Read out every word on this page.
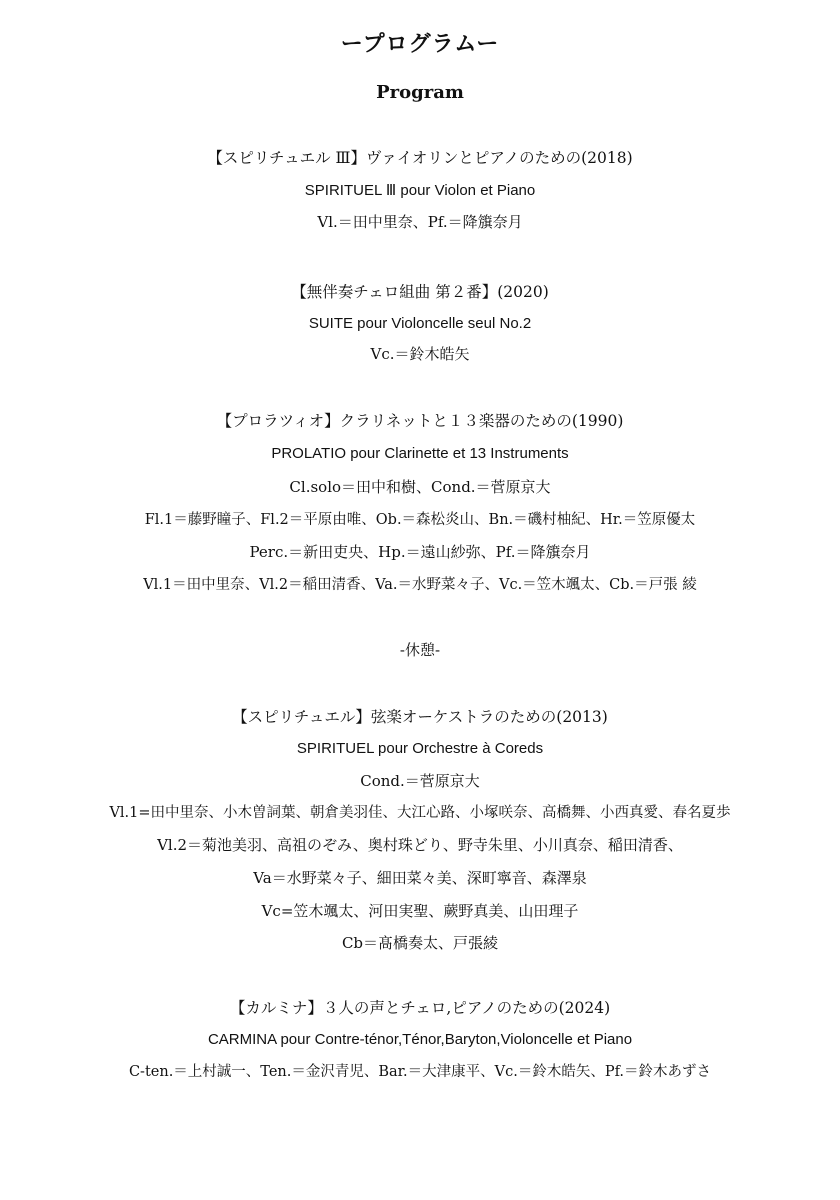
ープログラムー
Program
【スピリチュエル Ⅲ】ヴァイオリンとピアノのための(2018)
SPIRITUEL Ⅲ pour Violon et Piano
Vl.＝田中里奈、Pf.＝降籏奈月
【無伴奏チェロ組曲 第２番】(2020)
SUITE pour Violoncelle seul No.2
Vc.＝鈴木皓矢
【プロラツィオ】クラリネットと１３楽器のための(1990)
PROLATIO pour Clarinette et 13 Instruments
Cl.solo＝田中和樹、Cond.＝菅原京大
Fl.1＝藤野瞳子、Fl.2＝平原由唯、Ob.＝森松炎山、Bn.＝磯村柚紀、Hr.＝笠原優太
Perc.＝新田吏央、Hp.＝遠山紗弥、Pf.＝降籏奈月
Vl.1＝田中里奈、Vl.2＝稲田清香、Va.＝水野菜々子、Vc.＝笠木颯太、Cb.＝戸張 綾
-休憩-
【スピリチュエル】弦楽オーケストラのための(2013)
SPIRITUEL pour Orchestre à Coreds
Cond.＝菅原京大
Vl.1=田中里奈、小木曽詞葉、朝倉美羽佳、大江心路、小塚咲奈、高橋舞、小西真愛、春名夏歩
Vl.2＝菊池美羽、高祖のぞみ、奥村珠どり、野寺朱里、小川真奈、稲田清香、
Va＝水野菜々子、細田菜々美、深町寧音、森澤泉
Vc=笠木颯太、河田実聖、蕨野真美、山田理子
Cb＝髙橋奏太、戸張綾
【カルミナ】３人の声とチェロ,ピアノのための(2024)
CARMINA pour Contre-ténor,Ténor,Baryton,Violoncelle et Piano
C-ten.＝上村誠一、Ten.＝金沢青児、Bar.＝大津康平、Vc.＝鈴木皓矢、Pf.＝鈴木あずさ
